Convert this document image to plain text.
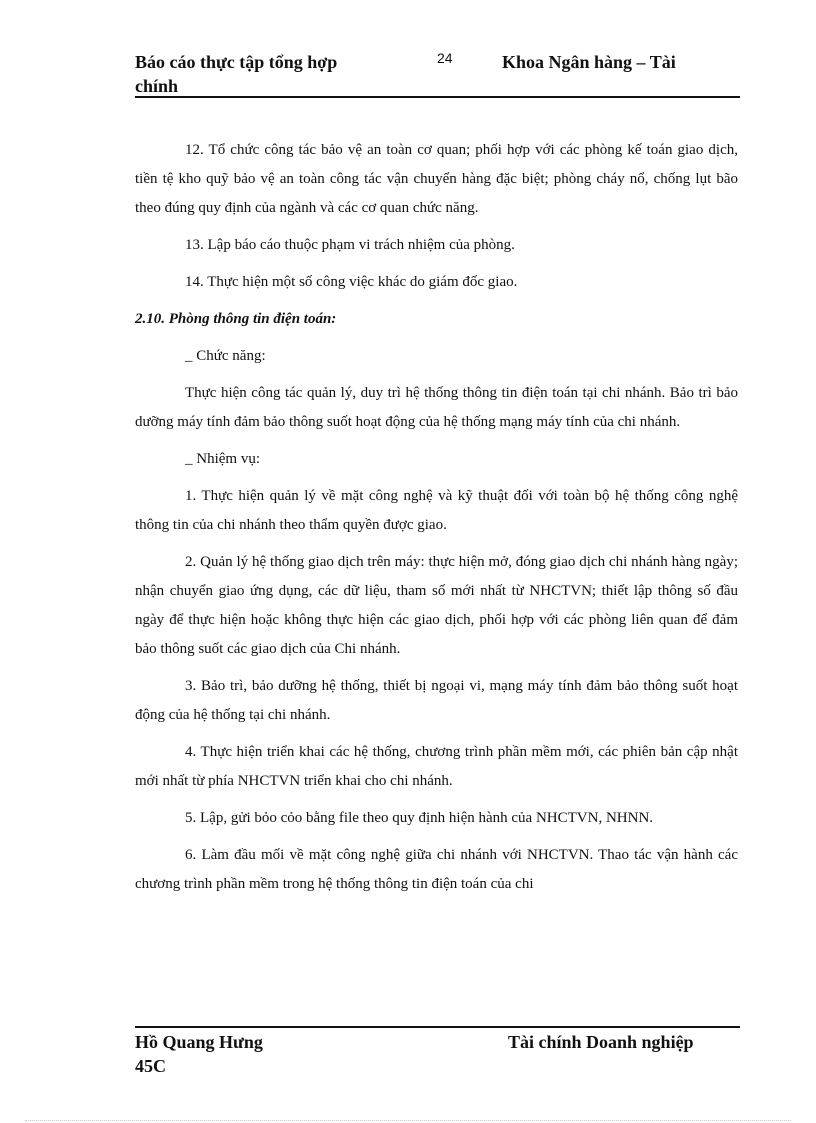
Báo cáo thực tập tổng hợp
chính
24	Khoa Ngân hàng – Tài

12. Tổ chức công tác bảo vệ an toàn cơ quan; phối hợp với các phòng kế toán giao dịch, tiền tệ kho quỹ bảo vệ an toàn công tác vận chuyển hàng đặc biệt; phòng cháy nổ, chống lụt bão theo đúng quy định của ngành và các cơ quan chức năng.

13. Lập báo cáo thuộc phạm vi trách nhiệm của phòng.

14. Thực hiện một số công việc khác do giám đốc giao.

2.10. Phòng thông tin điện toán:

_ Chức năng:

Thực hiện công tác quản lý, duy trì hệ thống thông tin điện toán tại chi nhánh. Bảo trì bảo dưỡng máy tính đảm bảo thông suốt hoạt động của hệ thống mạng máy tính của chi nhánh.

_ Nhiệm vụ:

1. Thực hiện quản lý về mặt công nghệ và kỹ thuật đối với toàn bộ hệ thống công nghệ thông tin của chi nhánh theo thẩm quyền được giao.

2. Quản lý hệ thống giao dịch trên máy: thực hiện mở, đóng giao dịch chi nhánh hàng ngày; nhận chuyển giao ứng dụng, các dữ liệu, tham số mới nhất từ NHCTVN; thiết lập thông số đầu ngày để thực hiện hoặc không thực hiện các giao dịch, phối hợp với các phòng liên quan để đảm bảo thông suốt các giao dịch của Chi nhánh.

3. Bảo trì, bảo dưỡng hệ thống, thiết bị ngoại vi, mạng máy tính đảm bảo thông suốt hoạt động của hệ thống tại chi nhánh.

4. Thực hiện triển khai các hệ thống, chương trình phần mềm mới, các phiên bản cập nhật mới nhất từ phía NHCTVN triển khai cho chi nhánh.

5. Lập, gửi bỏo cỏo bằng file theo quy định hiện hành của NHCTVN, NHNN.

6. Làm đầu mối về mặt công nghệ giữa chi nhánh với NHCTVN. Thao tác vận hành các chương trình phần mềm trong hệ thống thông tin điện toán của chi

Hồ Quang Hưng
45C
Tài chính Doanh nghiệp
